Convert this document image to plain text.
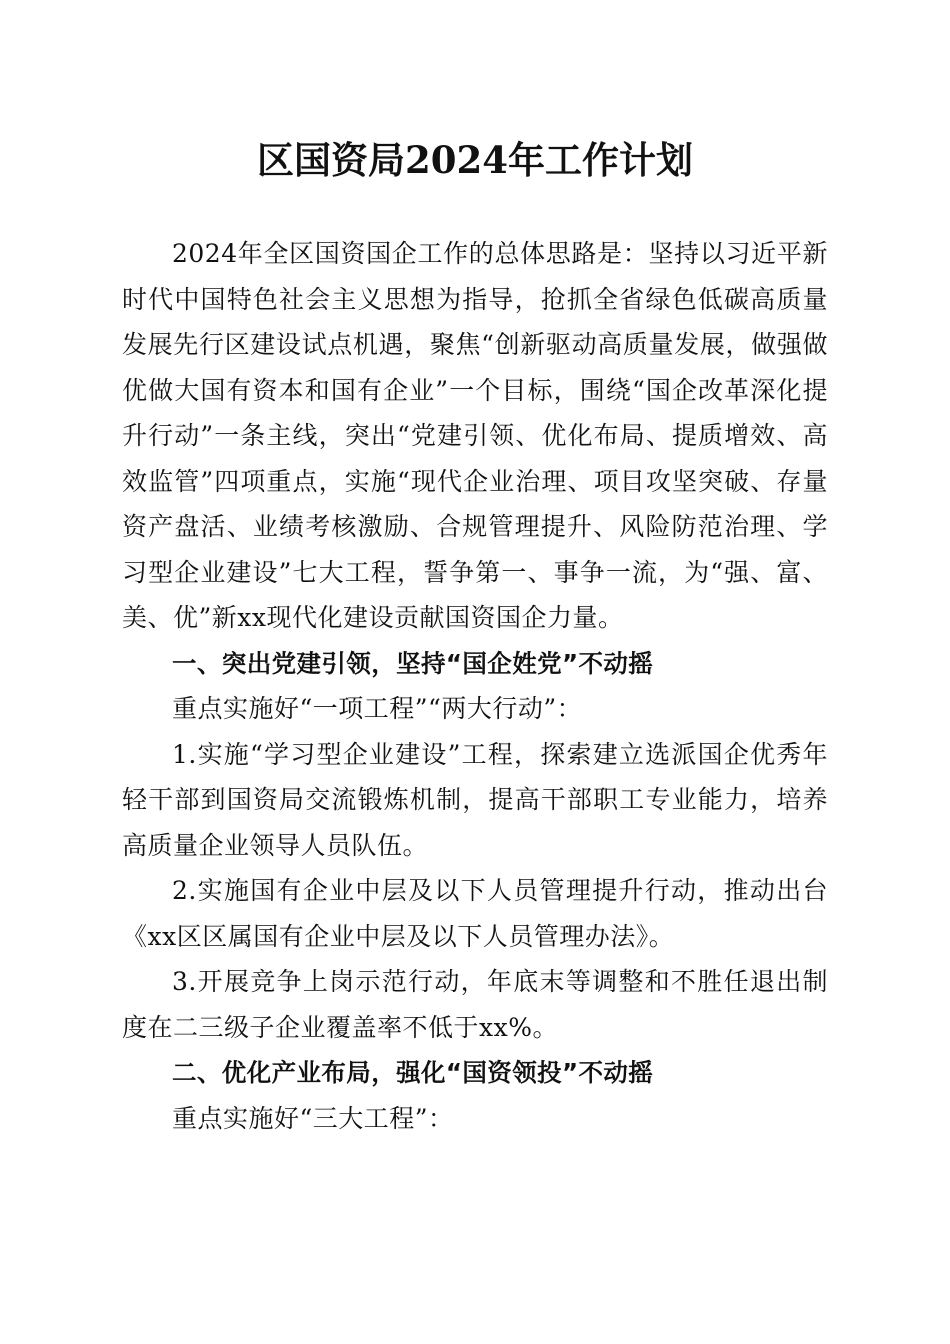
区国资局2024年工作计划

2024年全区国资国企工作的总体思路是：坚持以习近平新时代中国特色社会主义思想为指导，抢抓全省绿色低碳高质量发展先行区建设试点机遇，聚焦“创新驱动高质量发展，做强做优做大国有资本和国有企业”一个目标，围绕“国企改革深化提升行动”一条主线，突出“党建引领、优化布局、提质增效、高效监管”四项重点，实施“现代企业治理、项目攻坚突破、存量资产盘活、业绩考核激励、合规管理提升、风险防范治理、学习型企业建设”七大工程，誓争第一、事争一流，为“强、富、美、优”新xx现代化建设贡献国资国企力量。

一、突出党建引领，坚持“国企姓党”不动摇

重点实施好“一项工程”“两大行动”：

1.实施“学习型企业建设”工程，探索建立选派国企优秀年轻干部到国资局交流锻炼机制，提高干部职工专业能力，培养高质量企业领导人员队伍。

2.实施国有企业中层及以下人员管理提升行动，推动出台《xx区区属国有企业中层及以下人员管理办法》。

3.开展竞争上岗示范行动，年底末等调整和不胜任退出制度在二三级子企业覆盖率不低于xx%。

二、优化产业布局，强化“国资领投”不动摇

重点实施好“三大工程”：
